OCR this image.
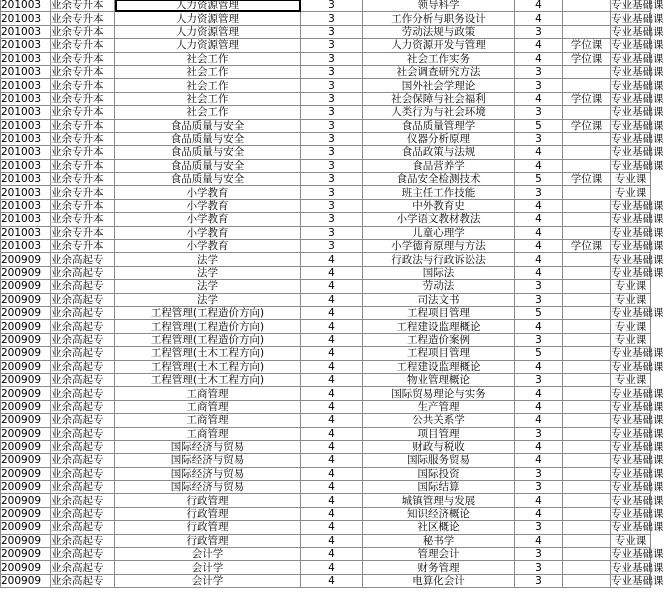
201003	业余专升本	人力资源管理	3	领导科学	4		专业基础课
201003	业余专升本	人力资源管理	3	工作分析与职务设计	4		专业基础课
201003	业余专升本	人力资源管理	3	劳动法规与政策	3		专业基础课
201003	业余专升本	人力资源管理	3	人力资源开发与管理	4	学位课	专业基础课
201003	业余专升本	社会工作	3	社会工作实务	4	学位课	专业基础课
201003	业余专升本	社会工作	3	社会调查研究方法	3		专业基础课
201003	业余专升本	社会工作	3	国外社会学理论	3		专业基础课
201003	业余专升本	社会工作	3	社会保障与社会福利	4	学位课	专业基础课
201003	业余专升本	社会工作	3	人类行为与社会环境	3		专业基础课
201003	业余专升本	食品质量与安全	3	食品质量管理学	5	学位课	专业基础课
201003	业余专升本	食品质量与安全	3	仪器分析原理	3		专业基础课
201003	业余专升本	食品质量与安全	3	食品政策与法规	4		专业基础课
201003	业余专升本	食品质量与安全	3	食品营养学	4		专业基础课
201003	业余专升本	食品质量与安全	3	食品安全检测技术	5	学位课	专业课
201003	业余专升本	小学教育	3	班主任工作技能	3		专业课
201003	业余专升本	小学教育	3	中外教育史	4		专业基础课
201003	业余专升本	小学教育	3	小学语文教材教法	4		专业基础课
201003	业余专升本	小学教育	3	儿童心理学	4		专业基础课
201003	业余专升本	小学教育	3	小学德育原理与方法	4	学位课	专业基础课
200909	业余高起专	法学	4	行政法与行政诉讼法	4		专业基础课
200909	业余高起专	法学	4	国际法	4		专业基础课
200909	业余高起专	法学	4	劳动法	3		专业课
200909	业余高起专	法学	4	司法文书	3		专业课
200909	业余高起专	工程管理(工程造价方向)	4	工程项目管理	5		专业基础课
200909	业余高起专	工程管理(工程造价方向)	4	工程建设监理概论	4		专业课
200909	业余高起专	工程管理(工程造价方向)	4	工程造价案例	3		专业课
200909	业余高起专	工程管理(土木工程方向)	4	工程项目管理	5		专业基础课
200909	业余高起专	工程管理(土木工程方向)	4	工程建设监理概论	4		专业基础课
200909	业余高起专	工程管理(土木工程方向)	4	物业管理概论	3		专业课
200909	业余高起专	工商管理	4	国际贸易理论与实务	4		专业基础课
200909	业余高起专	工商管理	4	生产管理	4		专业基础课
200909	业余高起专	工商管理	4	公共关系学	4		专业基础课
200909	业余高起专	工商管理	4	项目管理	3		专业基础课
200909	业余高起专	国际经济与贸易	4	财政与税收	4		专业基础课
200909	业余高起专	国际经济与贸易	4	国际服务贸易	4		专业基础课
200909	业余高起专	国际经济与贸易	4	国际投资	3		专业基础课
200909	业余高起专	国际经济与贸易	4	国际结算	3		专业基础课
200909	业余高起专	行政管理	4	城镇管理与发展	4		专业基础课
200909	业余高起专	行政管理	4	知识经济概论	4		专业基础课
200909	业余高起专	行政管理	4	社区概论	3		专业基础课
200909	业余高起专	行政管理	4	秘书学	4		专业课
200909	业余高起专	会计学	4	管理会计	3		专业基础课
200909	业余高起专	会计学	4	财务管理	3		专业基础课
200909	业余高起专	会计学	4	电算化会计	3		专业基础课
